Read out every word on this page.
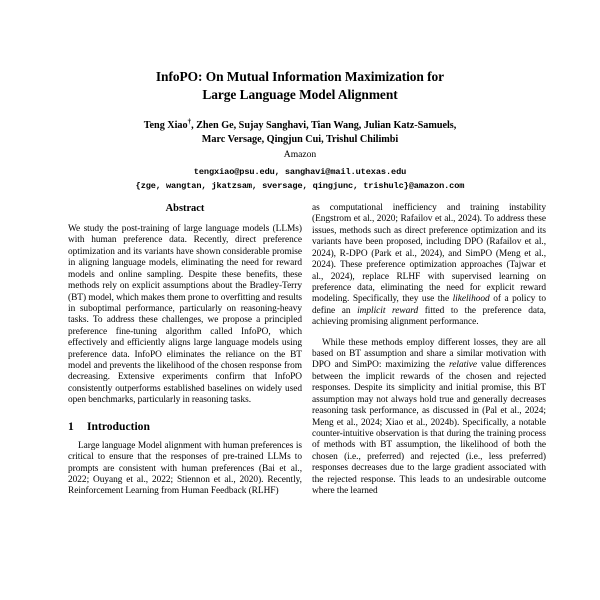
InfoPO: On Mutual Information Maximization for
Large Language Model Alignment
Teng Xiao†, Zhen Ge, Sujay Sanghavi, Tian Wang, Julian Katz-Samuels,
Marc Versage, Qingjun Cui, Trishul Chilimbi
Amazon
tengxiao@psu.edu, sanghavi@mail.utexas.edu
{zge, wangtan, jkatzsam, sversage, qingjunc, trishulc}@amazon.com
Abstract

We study the post-training of large language models (LLMs) with human preference data. Recently, direct preference optimization and its variants have shown considerable promise in aligning language models, eliminating the need for reward models and online sampling. Despite these benefits, these methods rely on explicit assumptions about the Bradley-Terry (BT) model, which makes them prone to overfitting and results in suboptimal performance, particularly on reasoning-heavy tasks. To address these challenges, we propose a principled preference fine-tuning algorithm called InfoPO, which effectively and efficiently aligns large language models using preference data. InfoPO eliminates the reliance on the BT model and prevents the likelihood of the chosen response from decreasing. Extensive experiments confirm that InfoPO consistently outperforms established baselines on widely used open benchmarks, particularly in reasoning tasks.

1 Introduction

Large language Model alignment with human preferences is critical to ensure that the responses of pre-trained LLMs to prompts are consistent with human preferences (Bai et al., 2022; Ouyang et al., 2022; Stiennon et al., 2020). Recently, Reinforcement Learning from Human Feedback (RLHF)

as computational inefficiency and training instability (Engstrom et al., 2020; Rafailov et al., 2024). To address these issues, methods such as direct preference optimization and its variants have been proposed, including DPO (Rafailov et al., 2024), R-DPO (Park et al., 2024), and SimPO (Meng et al., 2024). These preference optimization approaches (Tajwar et al., 2024), replace RLHF with supervised learning on preference data, eliminating the need for explicit reward modeling. Specifically, they use the likelihood of a policy to define an implicit reward fitted to the preference data, achieving promising alignment performance.

While these methods employ different losses, they are all based on BT assumption and share a similar motivation with DPO and SimPO: maximizing the relative value differences between the implicit rewards of the chosen and rejected responses. Despite its simplicity and initial promise, this BT assumption may not always hold true and generally decreases reasoning task performance, as discussed in (Pal et al., 2024; Meng et al., 2024; Xiao et al., 2024b). Specifically, a notable counter-intuitive observation is that during the training process of methods with BT assumption, the likelihood of both the chosen (i.e., preferred) and rejected (i.e., less preferred) responses decreases due to the large gradient associated with the rejected response. This leads to an undesirable outcome where the learned
